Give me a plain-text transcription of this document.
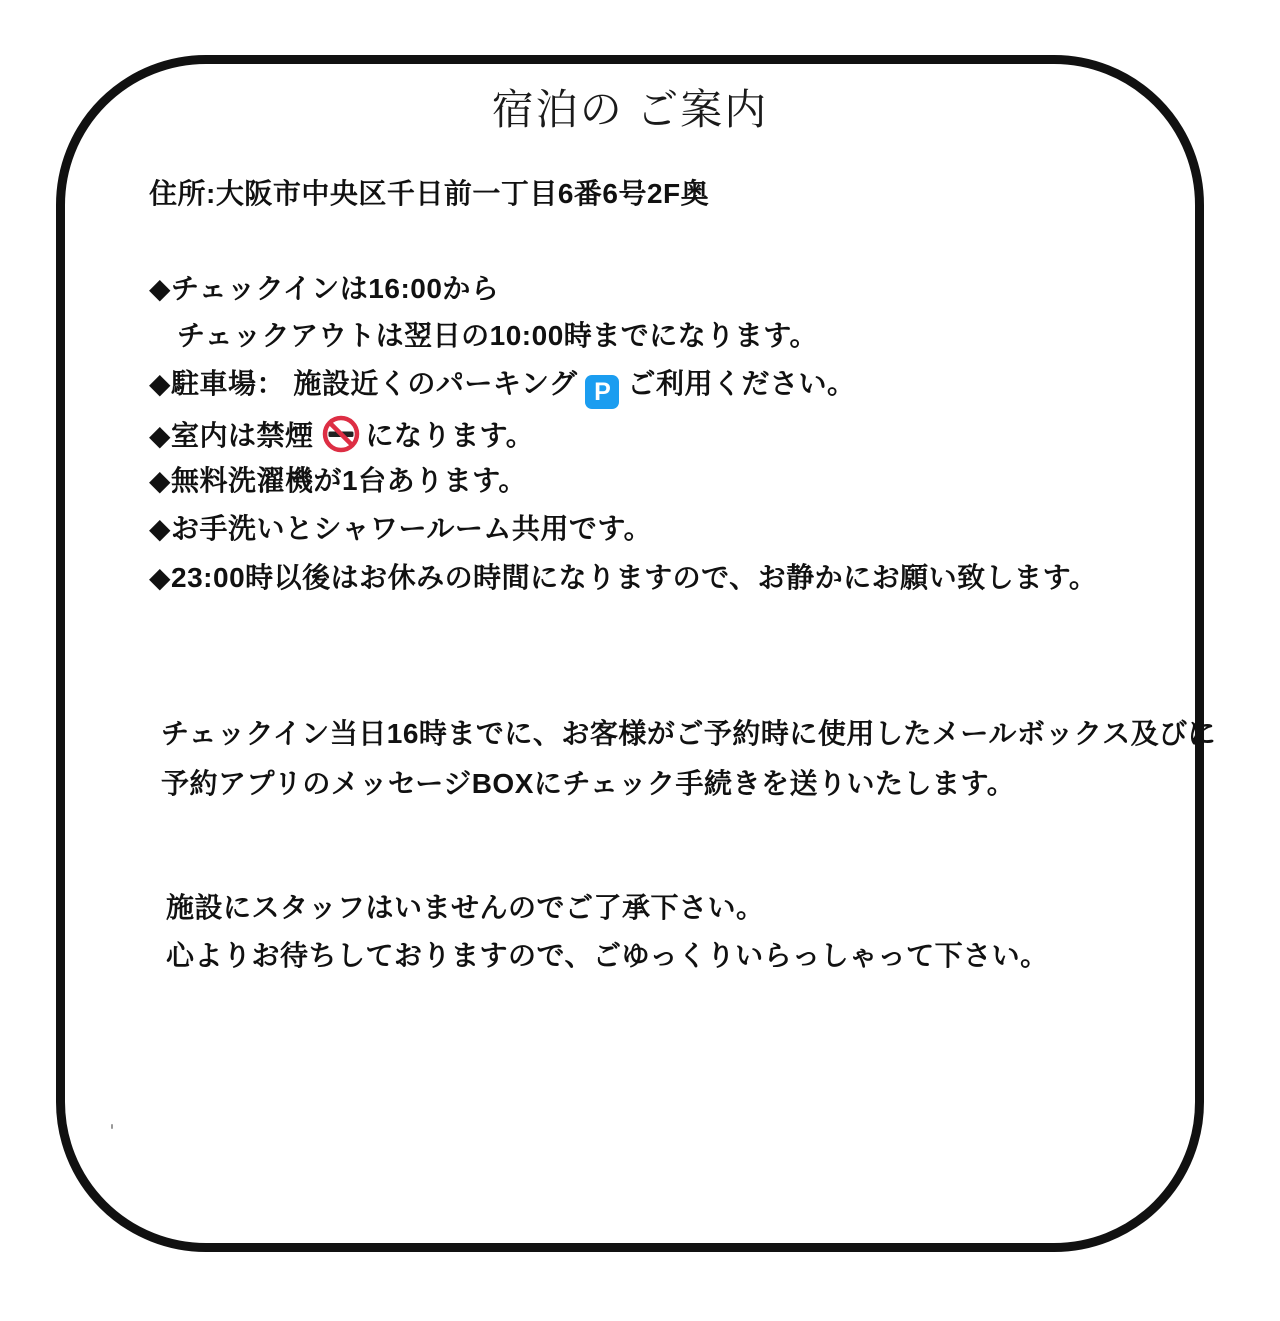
宿泊の ご案内
住所:大阪市中央区千日前一丁目6番6号2F奥
◆チェックインは16:00から
チェックアウトは翌日の10:00時までになります。
◆駐車場： 施設近くのパーキング P ご利用ください。
◆室内は禁煙 になります。
◆無料洗濯機が1台あります。
◆お手洗いとシャワールーム共用です。
◆23:00時以後はお休みの時間になりますので、お静かにお願い致します。
チェックイン当日16時までに、お客様がご予約時に使用したメールボックス及びに
予約アプリのメッセージBOXにチェック手続きを送りいたします。
施設にスタッフはいませんのでご了承下さい。
心よりお待ちしておりますので、ごゆっくりいらっしゃって下さい。
